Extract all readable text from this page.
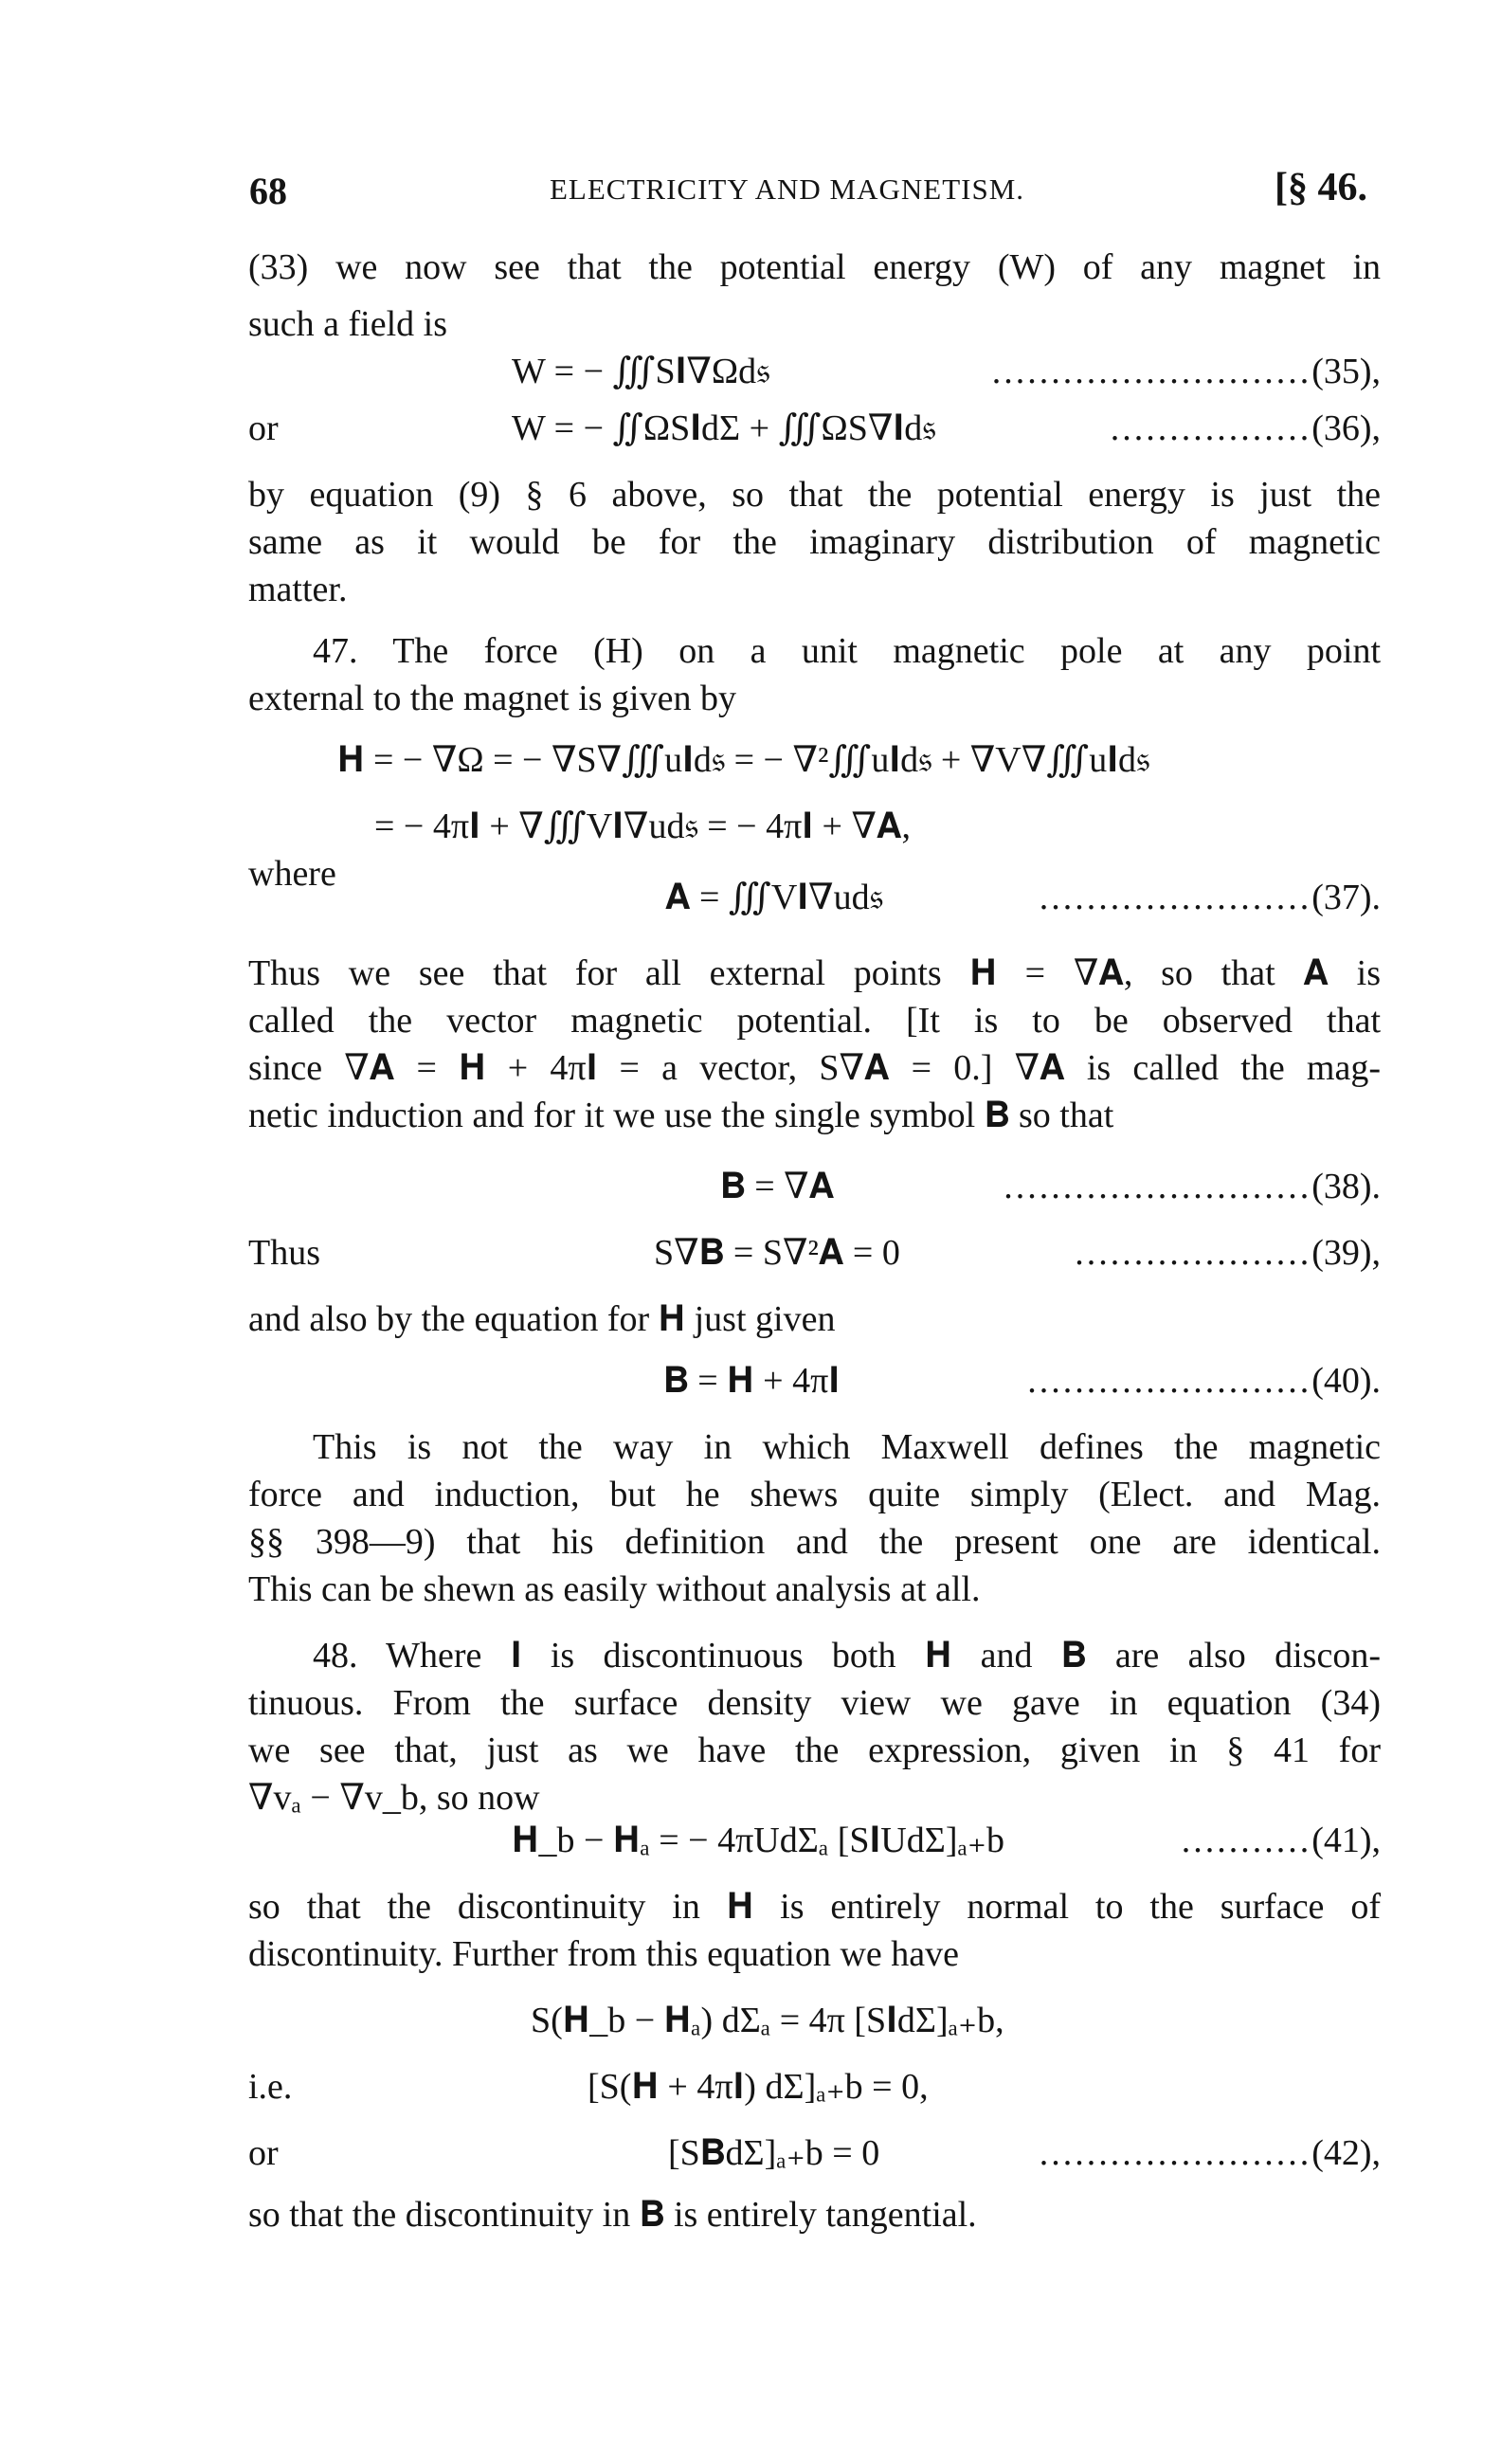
68	ELECTRICITY AND MAGNETISM.	[§ 46.
(33) we now see that the potential energy (W) of any magnet in
such a field is
W = − ∭S𝐈∇Ωd𝔰	...........................(35),
or	W = − ∬ΩS𝐈dΣ + ∭ΩS∇𝐈d𝔰	.................(36),
by equation (9) § 6 above, so that the potential energy is just the
same as it would be for the imaginary distribution of magnetic
matter.
47. The force (H) on a unit magnetic pole at any point
external to the magnet is given by
𝐇 = − ∇Ω = − ∇S∇∭u𝐈d𝔰 = − ∇²∭u𝐈d𝔰 + ∇V∇∭u𝐈d𝔰
= − 4π𝐈 + ∇∭V𝐈∇ud𝔰 = − 4π𝐈 + ∇𝐀,
where
𝐀 = ∭V𝐈∇ud𝔰	.......................(37).
Thus we see that for all external points 𝐇 = ∇𝐀, so that 𝐀 is
called the vector magnetic potential. [It is to be observed that
since ∇𝐀 = 𝐇 + 4π𝐈 = a vector, S∇𝐀 = 0.] ∇𝐀 is called the mag-
netic induction and for it we use the single symbol 𝐁 so that
𝐁 = ∇𝐀	..........................(38).
Thus	S∇𝐁 = S∇²𝐀 = 0	....................(39),
and also by the equation for 𝐇 just given
𝐁 = 𝐇 + 4π𝐈	........................(40).
This is not the way in which Maxwell defines the magnetic
force and induction, but he shews quite simply (Elect. and Mag.
§§ 398—9) that his definition and the present one are identical.
This can be shewn as easily without analysis at all.
48. Where 𝐈 is discontinuous both 𝐇 and 𝐁 are also discon-
tinuous. From the surface density view we gave in equation (34)
we see that, just as we have the expression, given in § 41 for
∇vₐ − ∇v_b, so now
𝐇_b − 𝐇ₐ = − 4πUdΣₐ [S𝐈UdΣ]ₐ₊b	...........(41),
so that the discontinuity in 𝐇 is entirely normal to the surface of
discontinuity. Further from this equation we have
S(𝐇_b − 𝐇ₐ) dΣₐ = 4π [S𝐈dΣ]ₐ₊b,
i.e.	[S(𝐇 + 4π𝐈) dΣ]ₐ₊b = 0,
or	[S𝐁dΣ]ₐ₊b = 0	.......................(42),
so that the discontinuity in 𝐁 is entirely tangential.
